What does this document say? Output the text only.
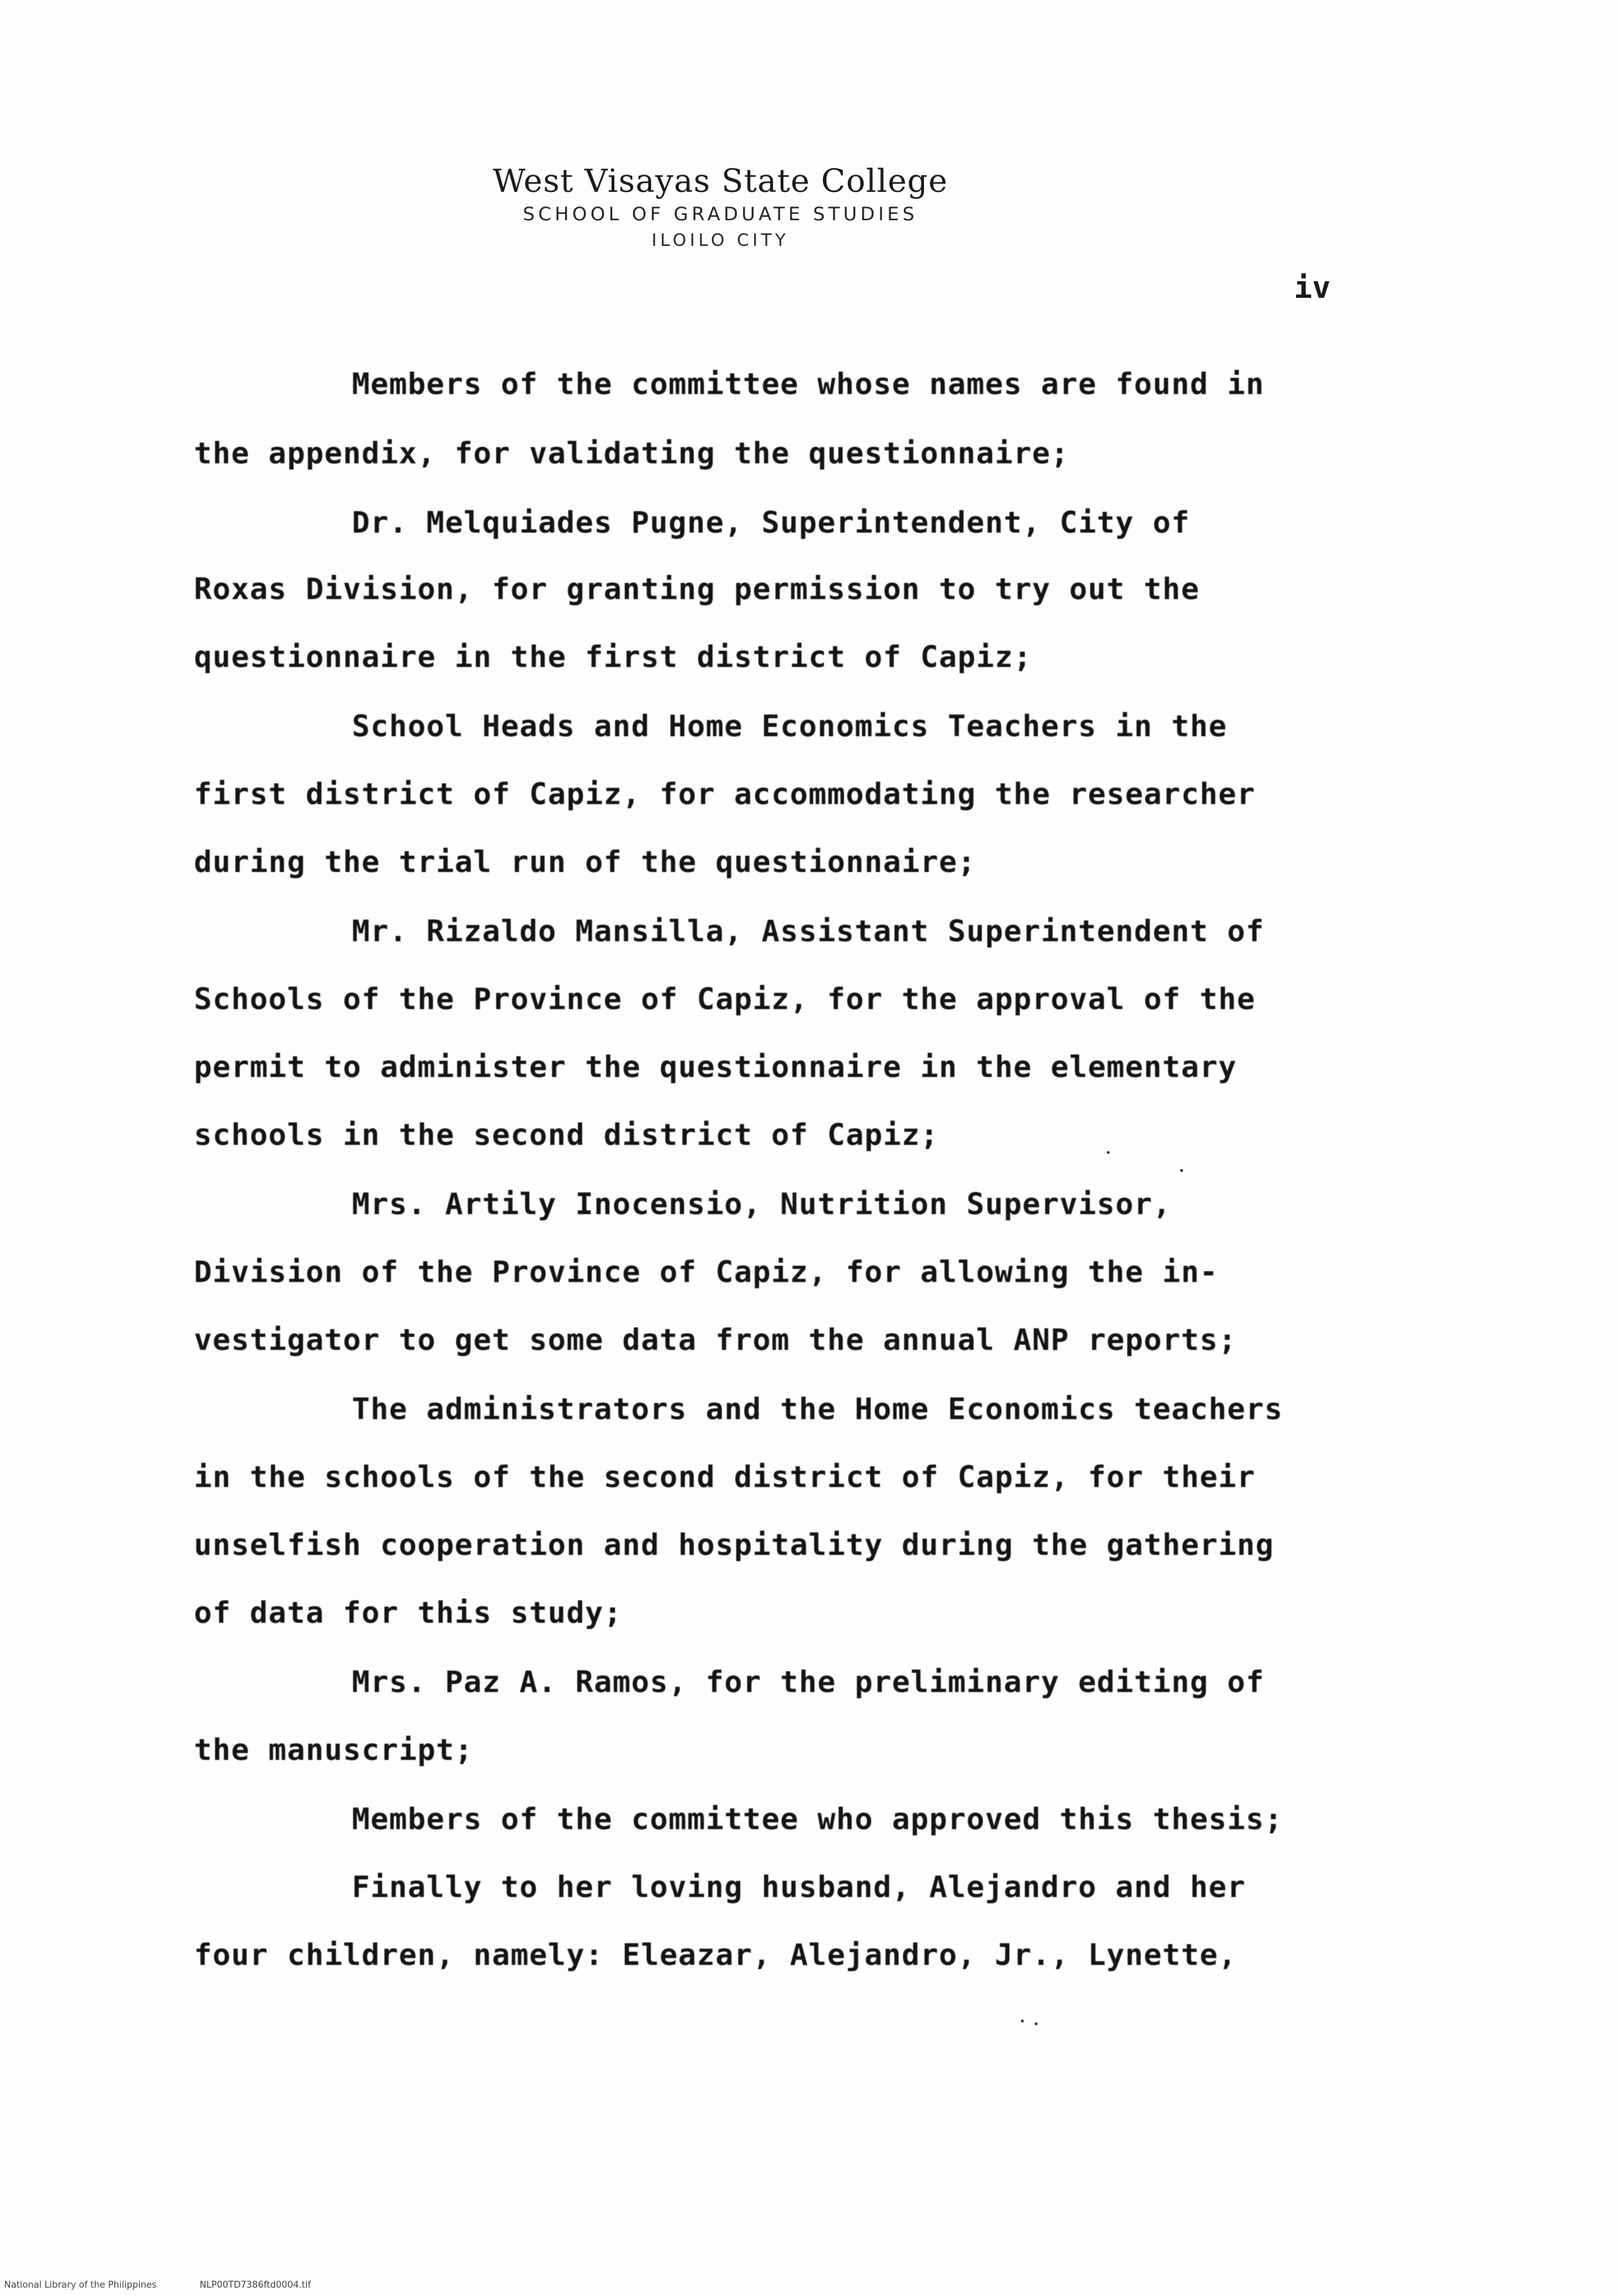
West Visayas State College
SCHOOL OF GRADUATE STUDIES
ILOILO CITY
iv
Members of the committee whose names are found in
the appendix, for validating the questionnaire;
Dr. Melquiades Pugne, Superintendent, City of
Roxas Division, for granting permission to try out the
questionnaire in the first district of Capiz;
School Heads and Home Economics Teachers in the
first district of Capiz, for accommodating the researcher
during the trial run of the questionnaire;
Mr. Rizaldo Mansilla, Assistant Superintendent of
Schools of the Province of Capiz, for the approval of the
permit to administer the questionnaire in the elementary
schools in the second district of Capiz;
Mrs. Artily Inocensio, Nutrition Supervisor,
Division of the Province of Capiz, for allowing the in-
vestigator to get some data from the annual ANP reports;
The administrators and the Home Economics teachers
in the schools of the second district of Capiz, for their
unselfish cooperation and hospitality during the gathering
of data for this study;
Mrs. Paz A. Ramos, for the preliminary editing of
the manuscript;
Members of the committee who approved this thesis;
Finally to her loving husband, Alejandro and her
four children, namely: Eleazar, Alejandro, Jr., Lynette,
National Library of the Philippines	NLP00TD7386ftd0004.tif
